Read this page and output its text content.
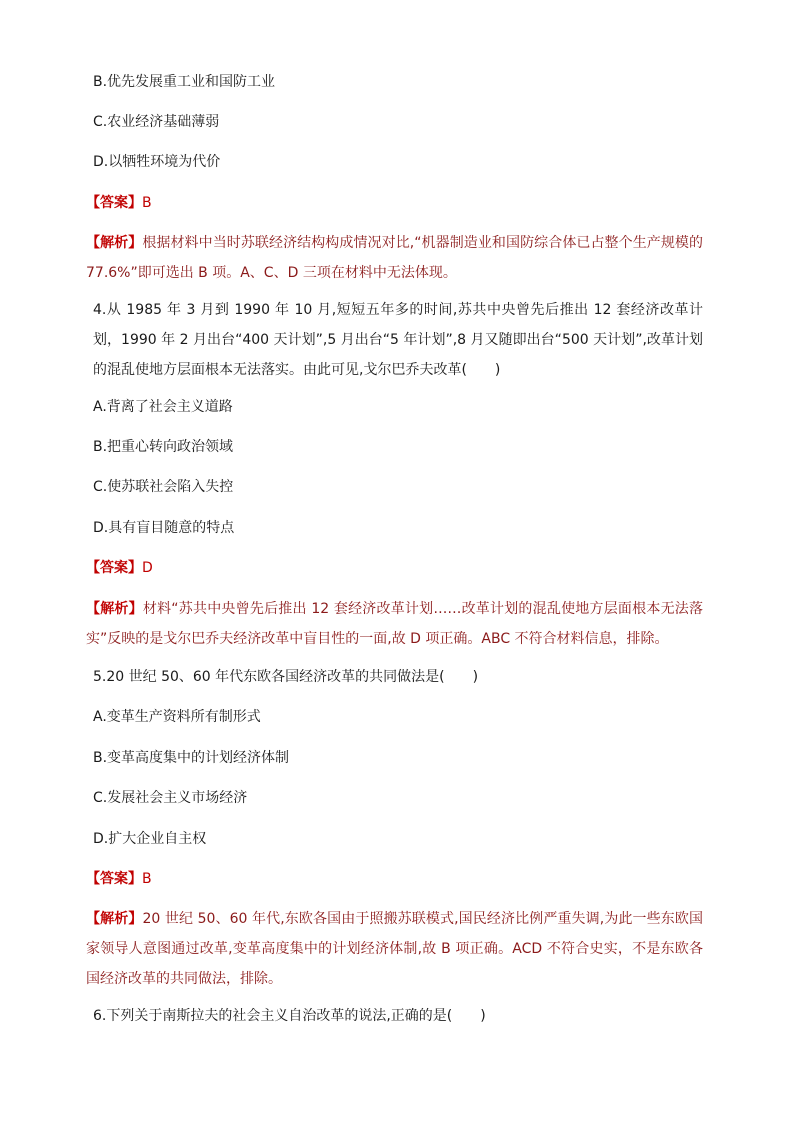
B.优先发展重工业和国防工业
C.农业经济基础薄弱
D.以牺牲环境为代价
【答案】B
【解析】根据材料中当时苏联经济结构构成情况对比,“机器制造业和国防综合体已占整个生产规模的77.6%”即可选出 B 项。A、C、D 三项在材料中无法体现。
4.从 1985 年 3 月到 1990 年 10 月,短短五年多的时间,苏共中央曾先后推出 12 套经济改革计划，1990 年 2 月出台“400 天计划”,5 月出台“5 年计划”,8 月又随即出台“500 天计划”,改革计划的混乱使地方层面根本无法落实。由此可见,戈尔巴乔夫改革(　　)
A.背离了社会主义道路
B.把重心转向政治领域
C.使苏联社会陷入失控
D.具有盲目随意的特点
【答案】D
【解析】材料“苏共中央曾先后推出 12 套经济改革计划……改革计划的混乱使地方层面根本无法落实”反映的是戈尔巴乔夫经济改革中盲目性的一面,故 D 项正确。ABC 不符合材料信息，排除。
5.20 世纪 50、60 年代东欧各国经济改革的共同做法是(　　)
A.变革生产资料所有制形式
B.变革高度集中的计划经济体制
C.发展社会主义市场经济
D.扩大企业自主权
【答案】B
【解析】20 世纪 50、60 年代,东欧各国由于照搬苏联模式,国民经济比例严重失调,为此一些东欧国家领导人意图通过改革,变革高度集中的计划经济体制,故 B 项正确。ACD 不符合史实，不是东欧各国经济改革的共同做法，排除。
6.下列关于南斯拉夫的社会主义自治改革的说法,正确的是(　　)
